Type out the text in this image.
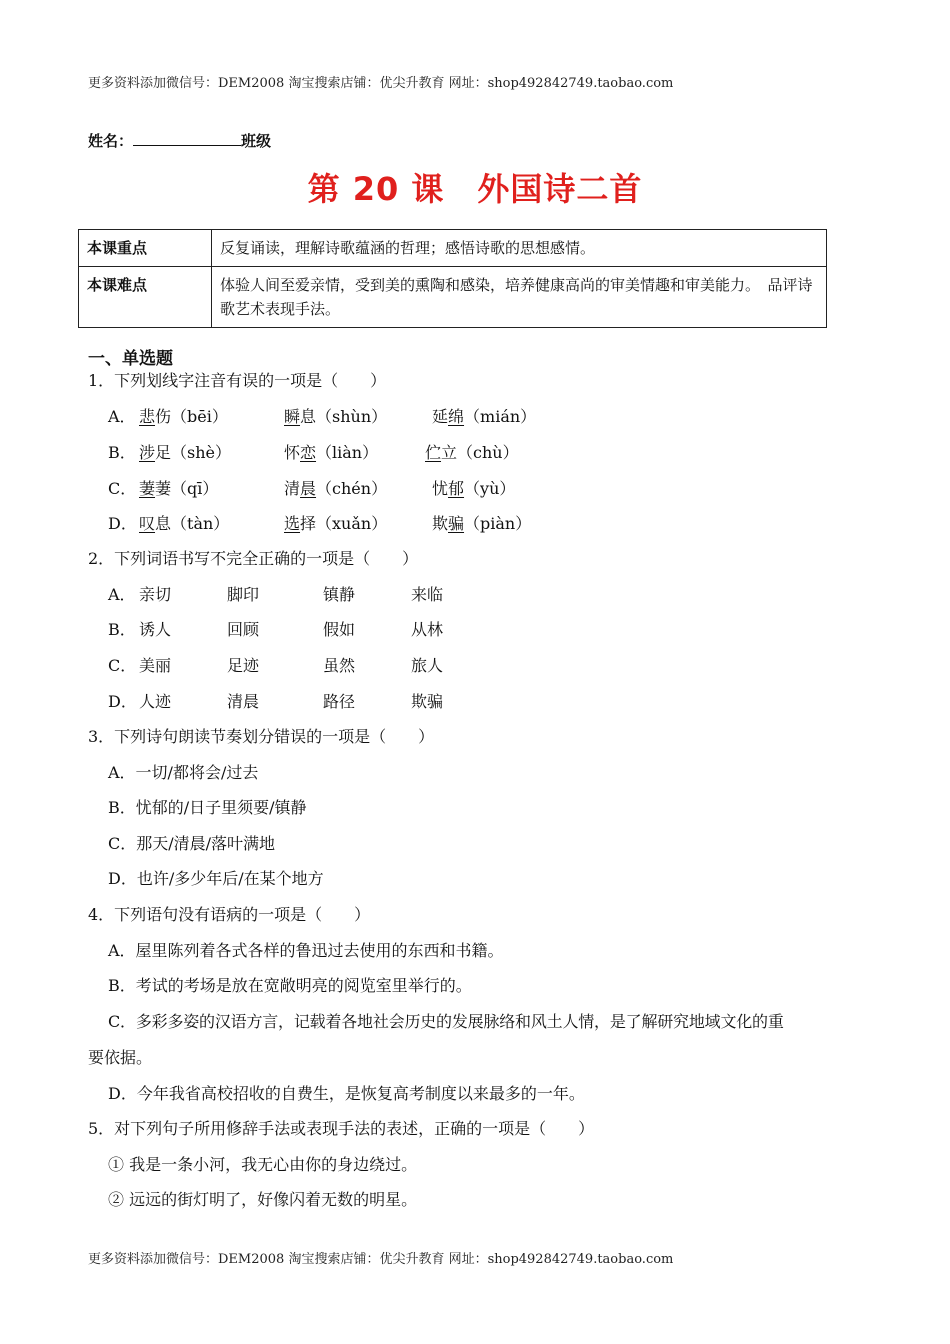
更多资料添加微信号：DEM2008 淘宝搜索店铺：优尖升教育 网址：shop492842749.taobao.com
姓名：	班级
第 20 课　外国诗二首
本课重点	反复诵读，理解诗歌蕴涵的哲理；感悟诗歌的思想感情。
本课难点	体验人间至爱亲情，受到美的熏陶和感染，培养健康高尚的审美情趣和审美能力。　品评诗歌艺术表现手法。
一、单选题
1．下列划线字注音有误的一项是（　　）
A． 悲伤（bēi）	瞬息（shùn）	延绵（mián）
B． 涉足（shè）	怀恋（liàn）	伫立（chù）
C． 萋萋（qī）	清晨（chén）	忧郁（yù）
D． 叹息（tàn）	选择（xuǎn）	欺骗（piàn）
2．下列词语书写不完全正确的一项是（　　）
A． 亲切	脚印	镇静	来临
B． 诱人	回顾	假如	从林
C． 美丽	足迹	虽然	旅人
D． 人迹	清晨	路径	欺骗
3．下列诗句朗读节奏划分错误的一项是（　　）
A．一切/都将会/过去
B．忧郁的/日子里须要/镇静
C．那天/清晨/落叶满地
D．也许/多少年后/在某个地方
4．下列语句没有语病的一项是（　　）
A．屋里陈列着各式各样的鲁迅过去使用的东西和书籍。
B．考试的考场是放在宽敞明亮的阅览室里举行的。
C．多彩多姿的汉语方言，记载着各地社会历史的发展脉络和风土人情，是了解研究地域文化的重
要依据。
D．今年我省高校招收的自费生，是恢复高考制度以来最多的一年。
5．对下列句子所用修辞手法或表现手法的表述，正确的一项是（　　）
① 我是一条小河，我无心由你的身边绕过。
② 远远的街灯明了，好像闪着无数的明星。
更多资料添加微信号：DEM2008 淘宝搜索店铺：优尖升教育 网址：shop492842749.taobao.com
